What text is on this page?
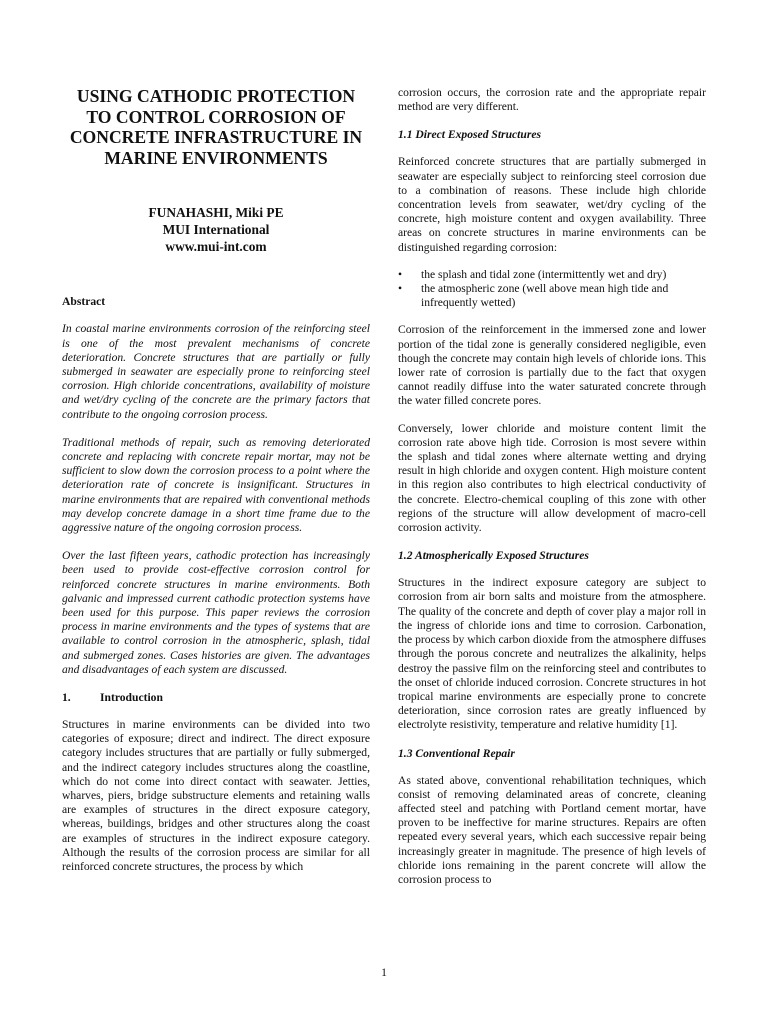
USING CATHODIC PROTECTION TO CONTROL CORROSION OF CONCRETE INFRASTRUCTURE IN MARINE ENVIRONMENTS
FUNAHASHI, Miki PE
MUI International
www.mui-int.com
Abstract

In coastal marine environments corrosion of the reinforcing steel is one of the most prevalent mechanisms of concrete deterioration. Concrete structures that are partially or fully submerged in seawater are especially prone to reinforcing steel corrosion. High chloride concentrations, availability of moisture and wet/dry cycling of the concrete are the primary factors that contribute to the ongoing corrosion process.

Traditional methods of repair, such as removing deteriorated concrete and replacing with concrete repair mortar, may not be sufficient to slow down the corrosion process to a point where the deterioration rate of concrete is insignificant. Structures in marine environments that are repaired with conventional methods may develop concrete damage in a short time frame due to the aggressive nature of the ongoing corrosion process.

Over the last fifteen years, cathodic protection has increasingly been used to provide cost-effective corrosion control for reinforced concrete structures in marine environments. Both galvanic and impressed current cathodic protection systems have been used for this purpose. This paper reviews the corrosion process in marine environments and the types of systems that are available to control corrosion in the atmospheric, splash, tidal and submerged zones. Cases histories are given. The advantages and disadvantages of each system are discussed.

1.	Introduction

Structures in marine environments can be divided into two categories of exposure; direct and indirect. The direct exposure category includes structures that are partially or fully submerged, and the indirect category includes structures along the coastline, which do not come into direct contact with seawater. Jetties, wharves, piers, bridge substructure elements and retaining walls are examples of structures in the direct exposure category, whereas, buildings, bridges and other structures along the coast are examples of structures in the indirect exposure category. Although the results of the corrosion process are similar for all reinforced concrete structures, the process by which

corrosion occurs, the corrosion rate and the appropriate repair method are very different.

1.1 Direct Exposed Structures

Reinforced concrete structures that are partially submerged in seawater are especially subject to reinforcing steel corrosion due to a combination of reasons. These include high chloride concentration levels from seawater, wet/dry cycling of the concrete, high moisture content and oxygen availability. Three areas on concrete structures in marine environments can be distinguished regarding corrosion:

•	the splash and tidal zone (intermittently wet and dry)
•	the atmospheric zone (well above mean high tide and infrequently wetted)

Corrosion of the reinforcement in the immersed zone and lower portion of the tidal zone is generally considered negligible, even though the concrete may contain high levels of chloride ions. This lower rate of corrosion is partially due to the fact that oxygen cannot readily diffuse into the water saturated concrete through the water filled concrete pores.

Conversely, lower chloride and moisture content limit the corrosion rate above high tide. Corrosion is most severe within the splash and tidal zones where alternate wetting and drying result in high chloride and oxygen content. High moisture content in this region also contributes to high electrical conductivity of the concrete. Electro-chemical coupling of this zone with other regions of the structure will allow development of macro-cell corrosion activity.

1.2 Atmospherically Exposed Structures

Structures in the indirect exposure category are subject to corrosion from air born salts and moisture from the atmosphere. The quality of the concrete and depth of cover play a major roll in the ingress of chloride ions and time to corrosion. Carbonation, the process by which carbon dioxide from the atmosphere diffuses through the porous concrete and neutralizes the alkalinity, helps destroy the passive film on the reinforcing steel and contributes to the onset of chloride induced corrosion. Concrete structures in hot tropical marine environments are especially prone to concrete deterioration, since corrosion rates are greatly influenced by electrolyte resistivity, temperature and relative humidity [1].

1.3 Conventional Repair

As stated above, conventional rehabilitation techniques, which consist of removing delaminated areas of concrete, cleaning affected steel and patching with Portland cement mortar, have proven to be ineffective for marine structures. Repairs are often repeated every several years, which each successive repair being increasingly greater in magnitude. The presence of high levels of chloride ions remaining in the parent concrete will allow the corrosion process to

1
